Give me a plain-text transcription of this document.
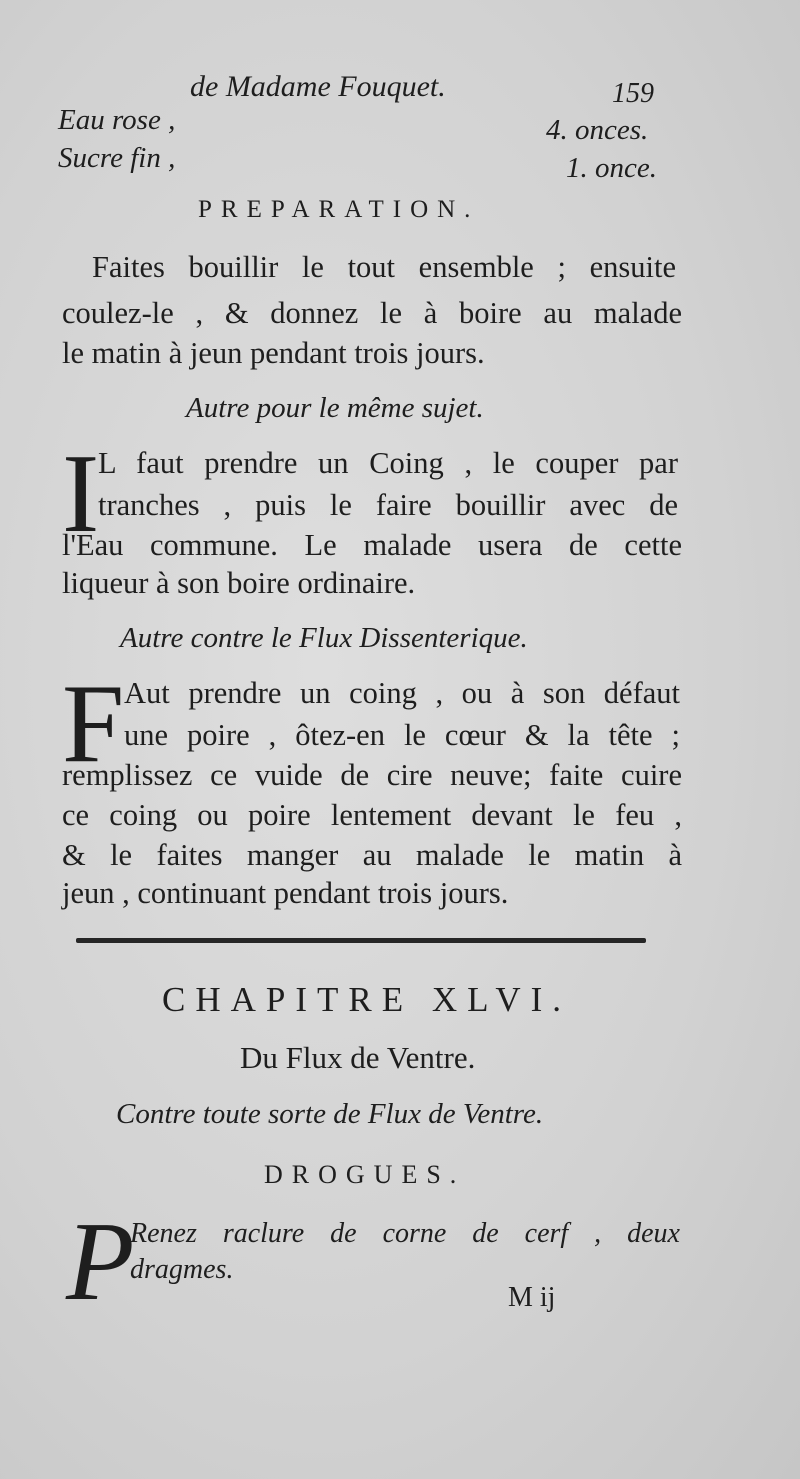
de Madame Fouquet.	159
Eau rose ,	4. onces.
Sucre fin ,	1. once.
PREPARATION.
Faites bouillir le tout ensemble ; ensuite
coulez-le , & donnez le à boire au malade
le matin à jeun pendant trois jours.
Autre pour le même sujet.
I
L faut prendre un Coing , le couper par
tranches , puis le faire bouillir avec de
l'Eau commune. Le malade usera de cette
liqueur à son boire ordinaire.
Autre contre le Flux Dissenterique.
F Aut prendre un coing , ou à son défaut
une poire , ôtez-en le cœur & la tête ;
remplissez ce vuide de cire neuve; faite cuire
ce coing ou poire lentement devant le feu ,
& le faites manger au malade le matin à
jeun , continuant pendant trois jours.
CHAPITRE XLVI.
Du Flux de Ventre.
Contre toute sorte de Flux de Ventre.
DROGUES.
P
Renez raclure de corne de cerf , deux
dragmes.
M ij
